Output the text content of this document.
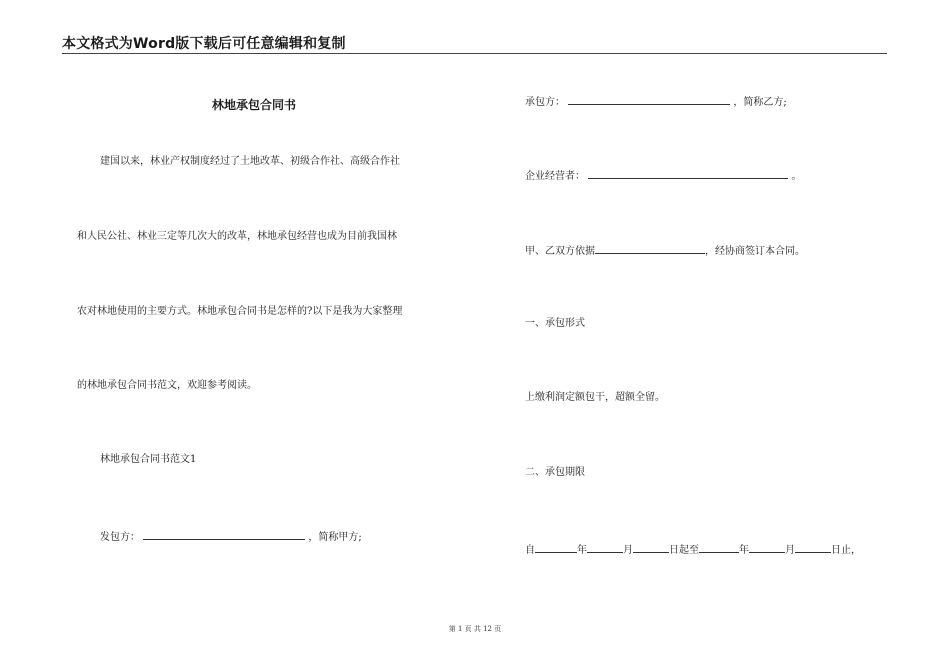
本文格式为Word版下载后可任意编辑和复制
林地承包合同书
建国以来，林业产权制度经过了土地改革、初级合作社、高级合作社
和人民公社、林业三定等几次大的改革，林地承包经营也成为目前我国林
农对林地使用的主要方式。林地承包合同书是怎样的?以下是我为大家整理
的林地承包合同书范文，欢迎参考阅读。
林地承包合同书范文1
发包方：	，简称甲方;
承包方：	，简称乙方;
企业经营者：	。
甲、乙双方依据	，经协商签订本合同。
一、承包形式
上缴利润定额包干，超额全留。
二、承包期限
自	年	月	日起至	年	月	日止，
第 1 页 共 12 页
